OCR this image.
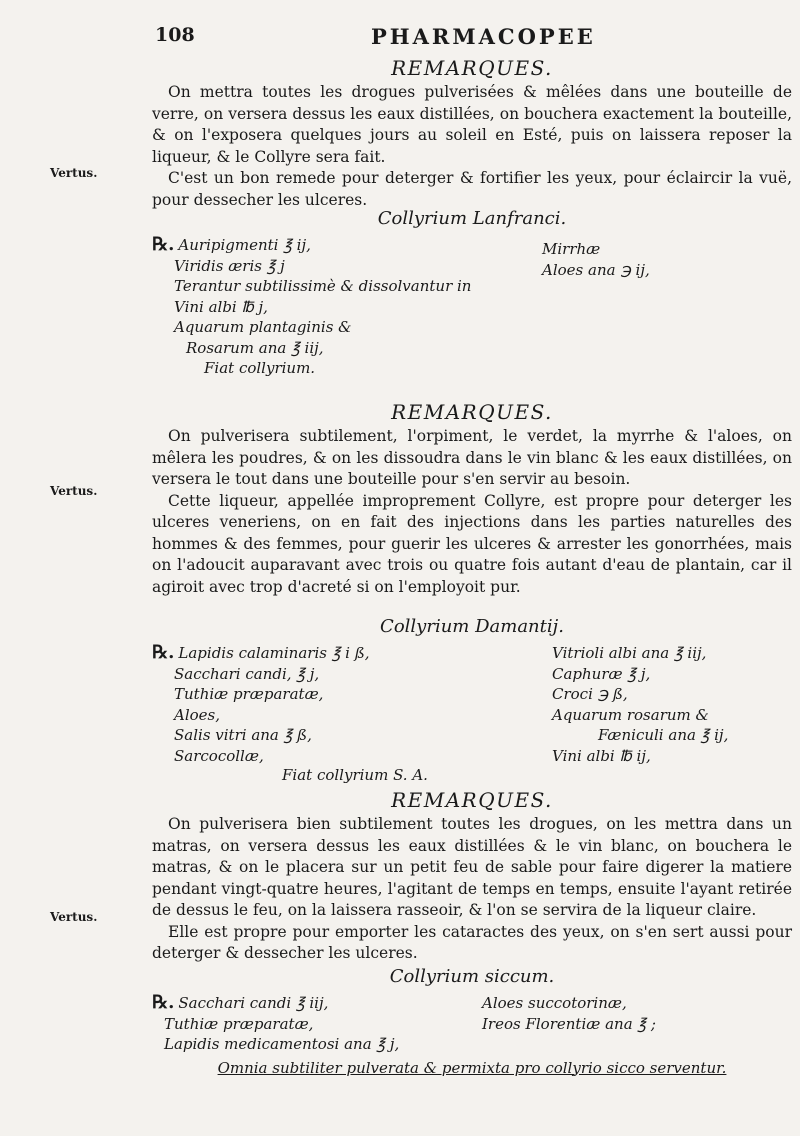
108	PHARMACOPEE
Vertus.
Vertus.
Vertus.
REMARQUES.

On mettra toutes les drogues pulverisées & mêlées dans une bouteille de verre, on versera dessus les eaux distillées, on bouchera exactement la bouteille, & on l'exposera quelques jours au soleil en Esté, puis on laissera reposer la liqueur, & le Collyre sera fait.

C'est un bon remede pour deterger & fortifier les yeux, pour éclaircir la vuë, pour dessecher les ulceres.

Collyrium Lanfranci.
℞. Auripigmenti ℥ ij,
Viridis æris ℥ j
Terantur subtilissimè & dissolvantur in
Vini albi ℔ j,
Aquarum plantaginis &
Rosarum ana ℥ iij,
Fiat collyrium.
Mirrhæ
Aloes ana ℈ ij,
REMARQUES.

On pulverisera subtilement, l'orpiment, le verdet, la myrrhe & l'aloes, on mêlera les poudres, & on les dissoudra dans le vin blanc & les eaux distillées, on versera le tout dans une bouteille pour s'en servir au besoin.

Cette liqueur, appellée improprement Collyre, est propre pour deterger les ulceres veneriens, on en fait des injections dans les parties naturelles des hommes & des femmes, pour guerir les ulceres & arrester les gonorrhées, mais on l'adoucit auparavant avec trois ou quatre fois autant d'eau de plantain, car il agiroit avec trop d'acreté si on l'employoit pur.

Collyrium Damantij.
℞. Lapidis calaminaris ℥ i ß,
Sacchari candi, ℥ j,
Tuthiæ præparatæ,
Aloes,
Salis vitri ana ℥ ß,
Sarcocollæ,
Vitrioli albi ana ℥ iij,
Caphuræ ℥ j,
Croci ℈ ß,
Aquarum rosarum &
Fæniculi ana ℥ ij,
Vini albi ℔ ij,
Fiat collyrium S. A.
REMARQUES.

On pulverisera bien subtilement toutes les drogues, on les mettra dans un matras, on versera dessus les eaux distillées & le vin blanc, on bouchera le matras, & on le placera sur un petit feu de sable pour faire digerer la matiere pendant vingt-quatre heures, l'agitant de temps en temps, ensuite l'ayant retirée de dessus le feu, on la laissera rasseoir, & l'on se servira de la liqueur claire.

Elle est propre pour emporter les cataractes des yeux, on s'en sert aussi pour deterger & dessecher les ulceres.

Collyrium siccum.
℞. Sacchari candi ℥ iij,
Tuthiæ præparatæ,
Lapidis medicamentosi ana ℥ j,
Aloes succotorinæ,
Ireos Florentiæ ana ℥ ;
Omnia subtiliter pulverata & permixta pro collyrio sicco serventur.
